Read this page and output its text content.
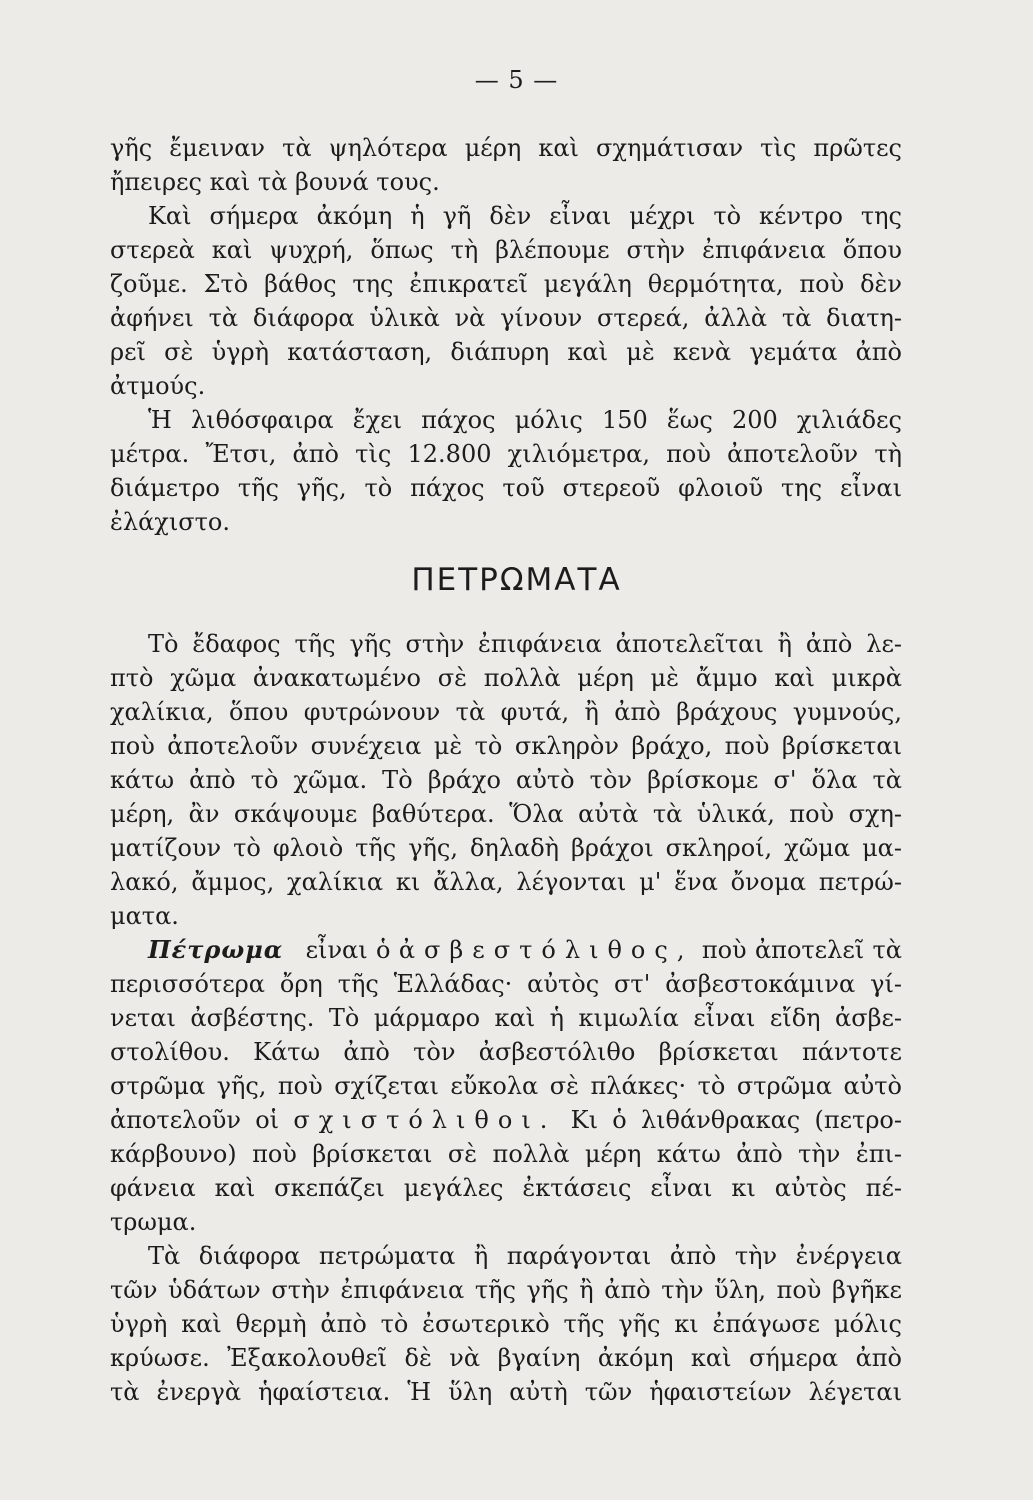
— 5 —

γῆς ἔμειναν τὰ ψηλότερα μέρη καὶ σχημάτισαν τὶς πρῶτες

ἤπειρες καὶ τὰ βουνά τους.

Καὶ σήμερα ἀκόμη ἡ γῆ δὲν εἶναι μέχρι τὸ κέντρο της

στερεὰ καὶ ψυχρή, ὅπως τὴ βλέπουμε στὴν ἐπιφάνεια ὅπου

ζοῦμε. Στὸ βάθος της ἐπικρατεῖ μεγάλη θερμότητα, ποὺ δὲν

ἀφήνει τὰ διάφορα ὑλικὰ νὰ γίνουν στερεά, ἀλλὰ τὰ διατη-

ρεῖ σὲ ὑγρὴ κατάσταση, διάπυρη καὶ μὲ κενὰ γεμάτα ἀπὸ

ἀτμούς.

Ἡ λιθόσφαιρα ἔχει πάχος μόλις 150 ἕως 200 χιλιάδες

μέτρα. Ἔτσι, ἀπὸ τὶς 12.800 χιλιόμετρα, ποὺ ἀποτελοῦν τὴ

διάμετρο τῆς γῆς, τὸ πάχος τοῦ στερεοῦ φλοιοῦ της εἶναι

ἐλάχιστο.

ΠΕΤΡΩΜΑΤΑ

Τὸ ἔδαφος τῆς γῆς στὴν ἐπιφάνεια ἀποτελεῖται ἢ ἀπὸ λε-

πτὸ χῶμα ἀνακατωμένο σὲ πολλὰ μέρη μὲ ἄμμο καὶ μικρὰ

χαλίκια, ὅπου φυτρώνουν τὰ φυτά, ἢ ἀπὸ βράχους γυμνούς,

ποὺ ἀποτελοῦν συνέχεια μὲ τὸ σκληρὸν βράχο, ποὺ βρίσκεται

κάτω ἀπὸ τὸ χῶμα. Τὸ βράχο αὐτὸ τὸν βρίσκομε σ' ὅλα τὰ

μέρη, ἂν σκάψουμε βαθύτερα. Ὅλα αὐτὰ τὰ ὑλικά, ποὺ σχη-

ματίζουν τὸ φλοιὸ τῆς γῆς, δηλαδὴ βράχοι σκληροί, χῶμα μα-

λακό, ἄμμος, χαλίκια κι ἄλλα, λέγονται μ' ἕνα ὄνομα πετρώ-

ματα.

Πέτρωμα εἶναι ὁ ἀσβεστόλιθος, ποὺ ἀποτελεῖ τὰ

περισσότερα ὄρη τῆς Ἑλλάδας· αὐτὸς στ' ἀσβεστοκάμινα γί-

νεται ἀσβέστης. Τὸ μάρμαρο καὶ ἡ κιμωλία εἶναι εἴδη ἀσβε-

στολίθου. Κάτω ἀπὸ τὸν ἀσβεστόλιθο βρίσκεται πάντοτε

στρῶμα γῆς, ποὺ σχίζεται εὔκολα σὲ πλάκες· τὸ στρῶμα αὐτὸ

ἀποτελοῦν οἱ σχιστόλιθοι. Κι ὁ λιθάνθρακας (πετρο-

κάρβουνο) ποὺ βρίσκεται σὲ πολλὰ μέρη κάτω ἀπὸ τὴν ἐπι-

φάνεια καὶ σκεπάζει μεγάλες ἐκτάσεις εἶναι κι αὐτὸς πέ-

τρωμα.

Τὰ διάφορα πετρώματα ἢ παράγονται ἀπὸ τὴν ἐνέργεια

τῶν ὑδάτων στὴν ἐπιφάνεια τῆς γῆς ἢ ἀπὸ τὴν ὕλη, ποὺ βγῆκε

ὑγρὴ καὶ θερμὴ ἀπὸ τὸ ἐσωτερικὸ τῆς γῆς κι ἐπάγωσε μόλις

κρύωσε. Ἐξακολουθεῖ δὲ νὰ βγαίνη ἀκόμη καὶ σήμερα ἀπὸ

τὰ ἐνεργὰ ἡφαίστεια. Ἡ ὕλη αὐτὴ τῶν ἡφαιστείων λέγεται
